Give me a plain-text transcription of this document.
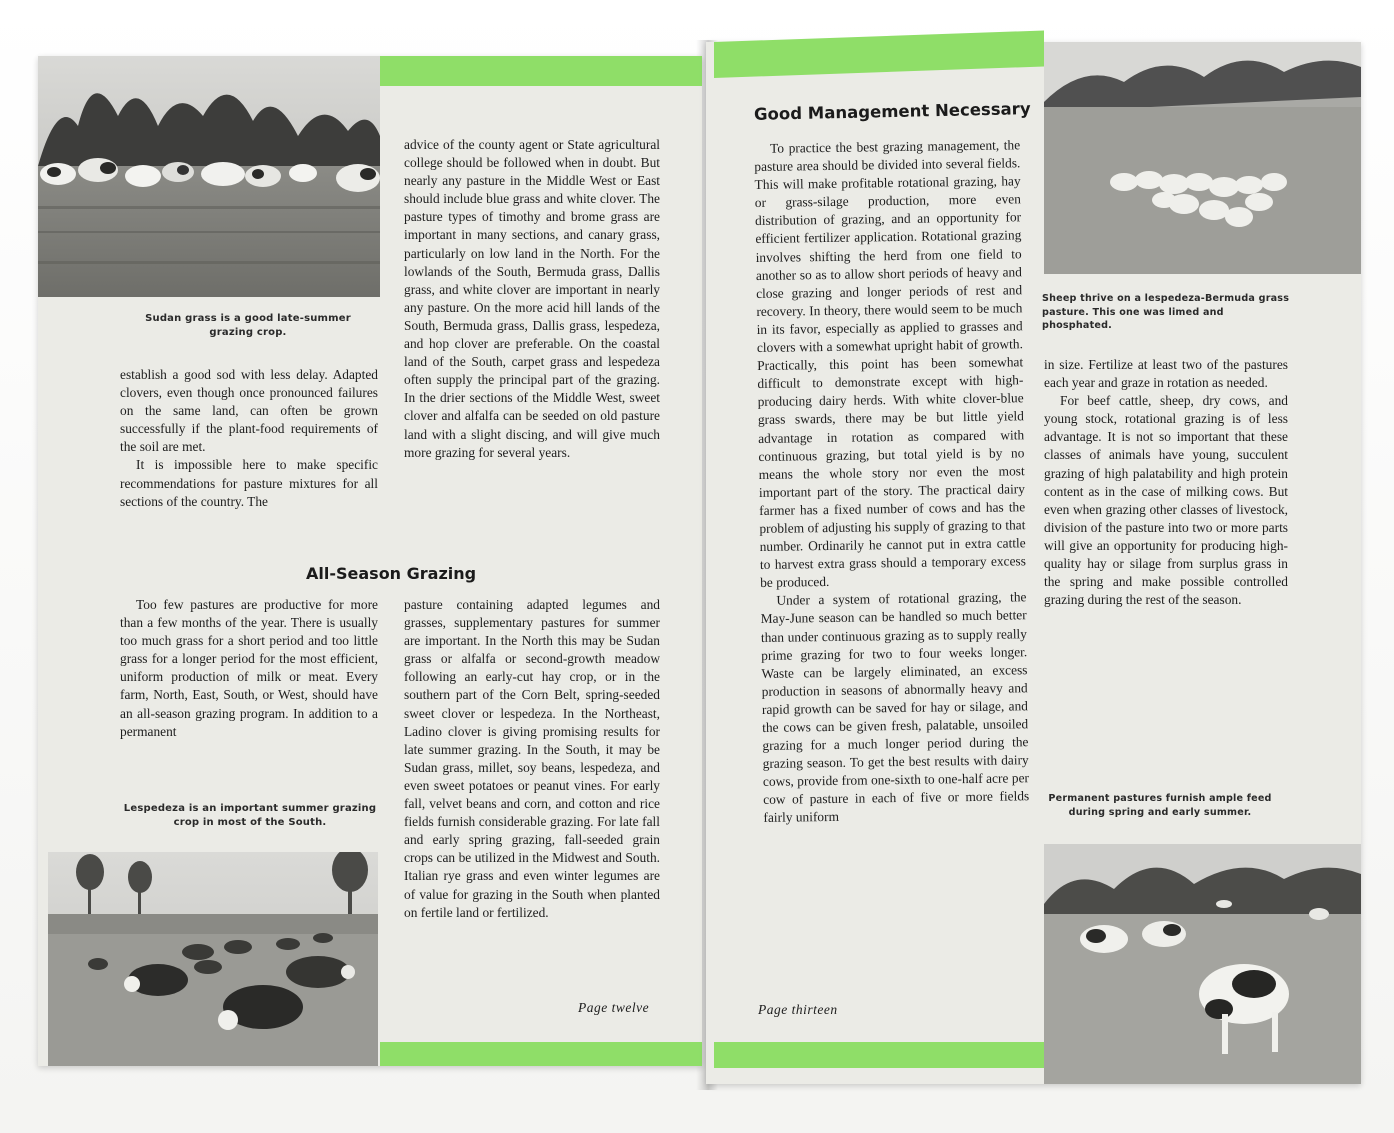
Sudan grass is a good late-summer grazing crop.

establish a good sod with less delay. Adapted clovers, even though once pronounced failures on the same land, can often be grown successfully if the plant-food requirements of the soil are met.

It is impossible here to make specific recommendations for pasture mixtures for all sections of the country. The

advice of the county agent or State agricultural college should be followed when in doubt. But nearly any pasture in the Middle West or East should include blue grass and white clover. The pasture types of timothy and brome grass are important in many sections, and canary grass, particularly on low land in the North. For the lowlands of the South, Bermuda grass, Dallis grass, and white clover are important in nearly any pasture. On the more acid hill lands of the South, Bermuda grass, Dallis grass, lespedeza, and hop clover are preferable. On the coastal land of the South, carpet grass and lespedeza often supply the principal part of the grazing. In the drier sections of the Middle West, sweet clover and alfalfa can be seeded on old pasture land with a slight discing, and will give much more grazing for several years.

All-Season Grazing

Too few pastures are productive for more than a few months of the year. There is usually too much grass for a short period and too little grass for a longer period for the most efficient, uniform production of milk or meat. Every farm, North, East, South, or West, should have an all-season grazing program. In addition to a permanent

Lespedeza is an important summer grazing crop in most of the South.

pasture containing adapted legumes and grasses, supplementary pastures for summer are important. In the North this may be Sudan grass or alfalfa or second-growth meadow following an early-cut hay crop, or in the southern part of the Corn Belt, spring-seeded sweet clover or lespedeza. In the Northeast, Ladino clover is giving promising results for late summer grazing. In the South, it may be Sudan grass, millet, soy beans, lespedeza, and even sweet potatoes or peanut vines. For early fall, velvet beans and corn, and cotton and rice fields furnish considerable grazing. For late fall and early spring grazing, fall-seeded grain crops can be utilized in the Midwest and South. Italian rye grass and even winter legumes are of value for grazing in the South when planted on fertile land or fertilized.

Page twelve
Good Management Necessary

To practice the best grazing management, the pasture area should be divided into several fields. This will make profitable rotational grazing, hay or grass-silage production, more even distribution of grazing, and an opportunity for efficient fertilizer application. Rotational grazing involves shifting the herd from one field to another so as to allow short periods of heavy and close grazing and longer periods of rest and recovery. In theory, there would seem to be much in its favor, especially as applied to grasses and clovers with a somewhat upright habit of growth. Practically, this point has been somewhat difficult to demonstrate except with high-producing dairy herds. With white clover-blue grass swards, there may be but little yield advantage in rotation as compared with continuous grazing, but total yield is by no means the whole story nor even the most important part of the story. The practical dairy farmer has a fixed number of cows and has the problem of adjusting his supply of grazing to that number. Ordinarily he cannot put in extra cattle to harvest extra grass should a temporary excess be produced.

Under a system of rotational grazing, the May-June season can be handled so much better than under continuous grazing as to supply really prime grazing for two to four weeks longer. Waste can be largely eliminated, an excess production in seasons of abnormally heavy and rapid growth can be saved for hay or silage, and the cows can be given fresh, palatable, unsoiled grazing for a much longer period during the grazing season. To get the best results with dairy cows, provide from one-sixth to one-half acre per cow of pasture in each of five or more fields fairly uniform

Sheep thrive on a lespedeza-Bermuda grass pasture. This one was limed and phosphated.

in size. Fertilize at least two of the pastures each year and graze in rotation as needed.

For beef cattle, sheep, dry cows, and young stock, rotational grazing is of less advantage. It is not so important that these classes of animals have young, succulent grazing of high palatability and high protein content as in the case of milking cows. But even when grazing other classes of livestock, division of the pasture into two or more parts will give an opportunity for producing high-quality hay or silage from surplus grass in the spring and make possible controlled grazing during the rest of the season.

Permanent pastures furnish ample feed during spring and early summer.
Page thirteen
